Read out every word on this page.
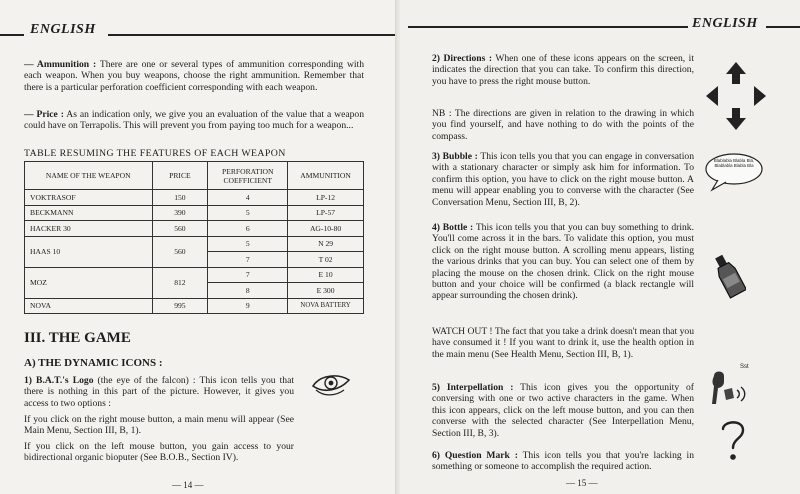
ENGLISH

— Ammunition : There are one or several types of ammunition corresponding with each weapon. When you buy weapons, choose the right ammunition. Remember that there is a particular perforation coefficient corresponding with each weapon.

— Price : As an indication only, we give you an evaluation of the value that a weapon could have on Terrapolis. This will prevent you from paying too much for a weapon...

TABLE RESUMING THE FEATURES OF EACH WEAPON
NAME OF THE WEAPON	PRICE	PERFORATION COEFFICIENT	AMMUNITION
VOKTRASOF	150	4	LP-12
BECKMANN	390	5	LP-57
HACKER 30	560	6	AG-10-80
HAAS 10	560	5	N 29
		7	T 02
MOZ	812	7	E 10
		8	E 300
NOVA	995	9	NOVA BATTERY
III. THE GAME
A) THE DYNAMIC ICONS :

1) B.A.T.'s Logo (the eye of the falcon) : This icon tells you that there is nothing in this part of the picture. However, it gives you access to two options :

If you click on the right mouse button, a main menu will appear (See Main Menu, Section III, B, 1).

If you click on the left mouse button, you gain access to your bidirectional organic bioputer (See B.O.B., Section IV).

— 14 —
ENGLISH

2) Directions : When one of these icons appears on the screen, it indicates the direction that you can take. To confirm this direction, you have to press the right mouse button.

NB : The directions are given in relation to the drawing in which you find yourself, and have nothing to do with the points of the compass.

3) Bubble : This icon tells you that you can engage in conversation with a stationary character or simply ask him for information. To confirm this option, you have to click on the right mouse button. A menu will appear enabling you to converse with the character (See Conversation Menu, Section III, B, 2).

4) Bottle : This icon tells you that you can buy something to drink. You'll come across it in the bars. To validate this option, you must click on the right mouse button. A scrolling menu appears, listing the various drinks that you can buy. You can select one of them by placing the mouse on the chosen drink. Click on the right mouse button and your choice will be confirmed (a black rectangle will appear surrounding the chosen drink).

WATCH OUT ! The fact that you take a drink doesn't mean that you have consumed it ! If you want to drink it, use the health option in the main menu (See Health Menu, Section III, B, 1).

5) Interpellation : This icon gives you the opportunity of conversing with one or two active characters in the game. When this icon appears, click on the left mouse button, and you can then converse with the selected character (See Interpellation Menu, Section III, B, 3).

6) Question Mark : This icon tells you that you're lacking in something or someone to accomplish the required action.

Blablabla Blabla Bla, Blablabla Blabla Bla
Sst
— 15 —
